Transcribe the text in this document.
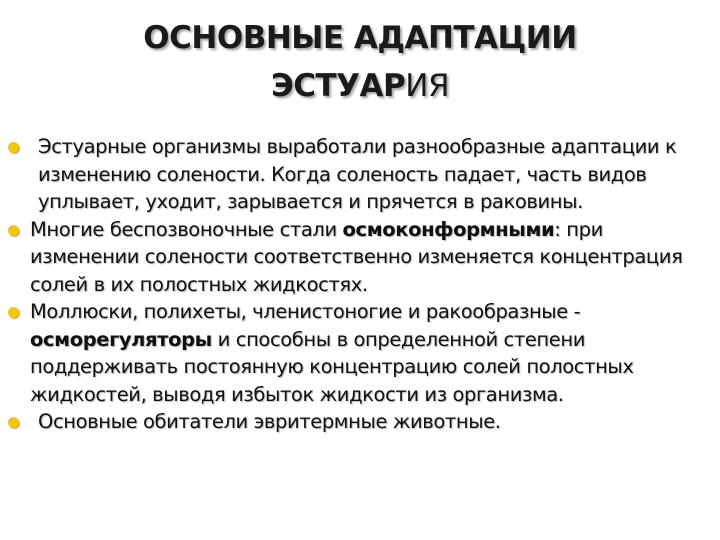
ОСНОВНЫЕ АДАПТАЦИИ
ЭСТУАРИЯ
Эстуарные организмы выработали разнообразные адаптации к изменению солености. Когда соленость падает, часть видов уплывает, уходит, зарывается и прячется в раковины.
Многие беспозвоночные стали осмоконформными: при изменении солености соответственно изменяется концентрация солей в их полостных жидкостях.
Моллюски, полихеты, членистоногие и ракообразные - осморегуляторы и способны в определенной степени поддерживать постоянную концентрацию солей полостных жидкостей, выводя избыток жидкости из организма.
Основные обитатели эвритермные животные.
